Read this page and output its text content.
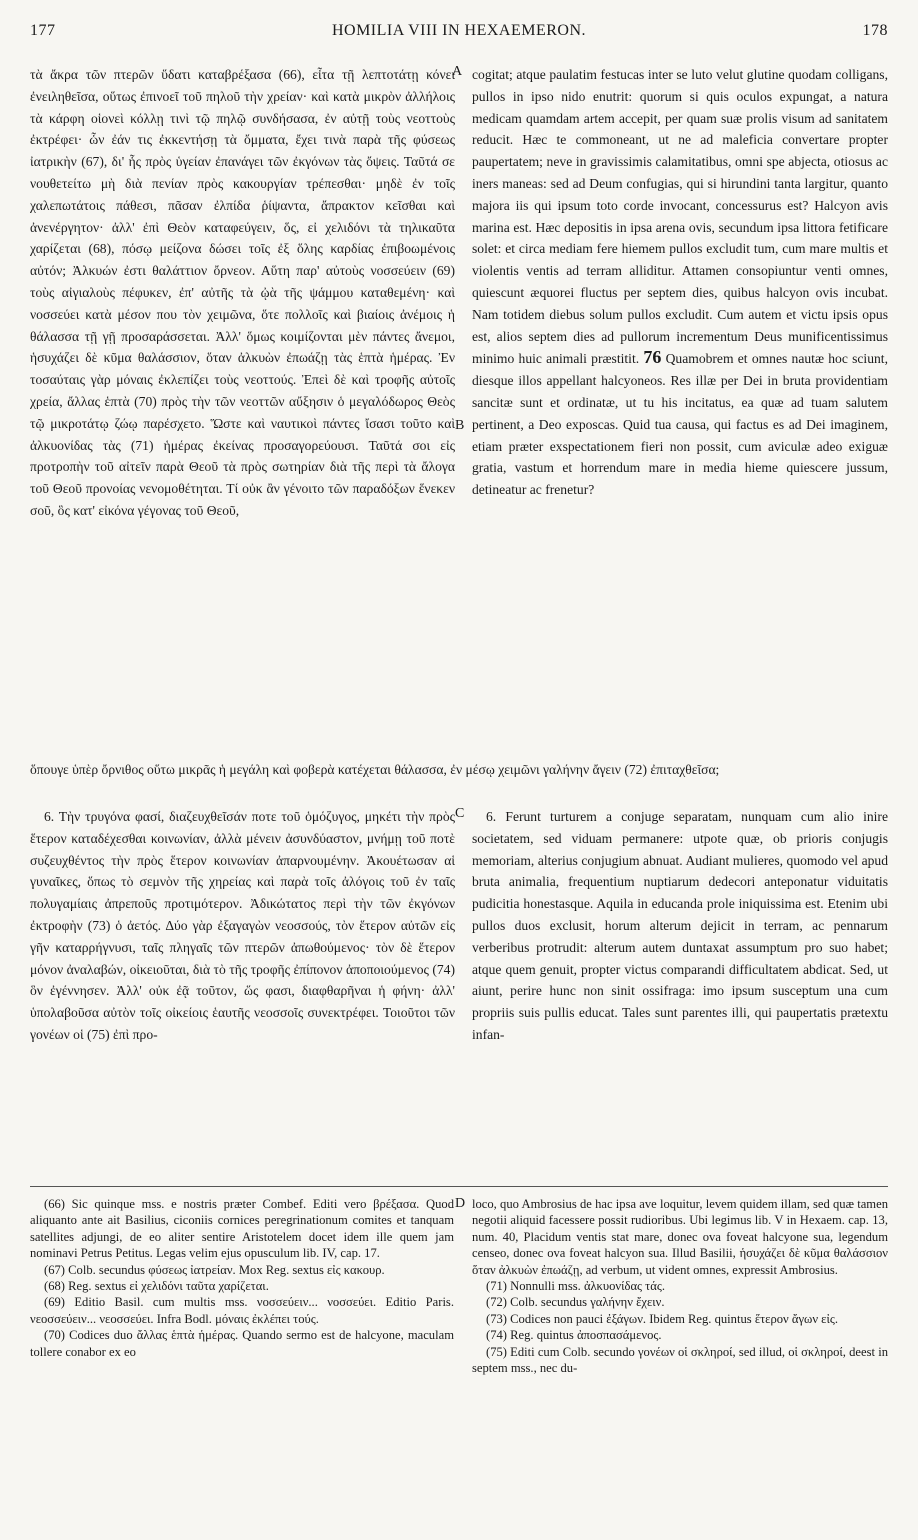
177	HOMILIA VIII IN HEXAEMERON.	178

τὰ ἄκρα τῶν πτερῶν ὕδατι καταβρέξασα (66), εἶτα τῇ λεπτοτάτῃ κόνει ἐνειληθεῖσα, οὕτως ἐπινοεῖ τοῦ πηλοῦ τὴν χρείαν· καὶ κατὰ μικρὸν ἀλλήλοις τὰ κάρφη οἱονεὶ κόλλῃ τινὶ τῷ πηλῷ συνδήσασα, ἐν αὐτῇ τοὺς νεοττοὺς ἐκτρέφει· ὧν ἐάν τις ἐκκεντήσῃ τὰ ὄμματα, ἔχει τινὰ παρὰ τῆς φύσεως ἰατρικὴν (67), δι' ἧς πρὸς ὑγείαν ἐπανάγει τῶν ἐκγόνων τὰς ὄψεις. Ταῦτά σε νουθετείτω μὴ διὰ πενίαν πρὸς κακουργίαν τρέπεσθαι· μηδὲ ἐν τοῖς χαλεπωτάτοις πάθεσι, πᾶσαν ἐλπίδα ῥίψαντα, ἄπρακτον κεῖσθαι καὶ ἀνενέργητον· ἀλλ' ἐπὶ Θεὸν καταφεύγειν, ὅς, εἰ χελιδόνι τὰ τηλικαῦτα χαρίζεται (68), πόσῳ μείζονα δώσει τοῖς ἐξ ὅλης καρδίας ἐπιβοωμένοις αὐτόν; Ἀλκυών ἐστι θαλάττιον ὄρνεον. Αὕτη παρ' αὐτοὺς νοσσεύειν (69) τοὺς αἰγιαλοὺς πέφυκεν, ἐπ' αὐτῆς τὰ ᾠὰ τῆς ψάμμου καταθεμένη· καὶ νοσσεύει κατὰ μέσον που τὸν χειμῶνα, ὅτε πολλοῖς καὶ βιαίοις ἀνέμοις ἡ θάλασσα τῇ γῇ προσαράσσεται. Ἀλλ' ὅμως κοιμίζονται μὲν πάντες ἄνεμοι, ἡσυχάζει δὲ κῦμα θαλάσσιον, ὅταν ἀλκυὼν ἐπωάζῃ τὰς ἑπτὰ ἡμέρας. Ἐν τοσαύταις γὰρ μόναις ἐκλεπίζει τοὺς νεοττούς. Ἐπεὶ δὲ καὶ τροφῆς αὐτοῖς χρεία, ἄλλας ἑπτὰ (70) πρὸς τὴν τῶν νεοττῶν αὔξησιν ὁ μεγαλόδωρος Θεὸς τῷ μικροτάτῳ ζώῳ παρέσχετο. Ὥστε καὶ ναυτικοὶ πάντες ἴσασι τοῦτο καὶ ἀλκυονίδας τὰς (71) ἡμέρας ἐκείνας προσαγορεύουσι. Ταῦτά σοι εἰς προτροπὴν τοῦ αἰτεῖν παρὰ Θεοῦ τὰ πρὸς σωτηρίαν διὰ τῆς περὶ τὰ ἄλογα τοῦ Θεοῦ προνοίας νενομοθέτηται. Τί οὐκ ἂν γένοιτο τῶν παραδόξων ἕνεκεν σοῦ, ὃς κατ' εἰκόνα γέγονας τοῦ Θεοῦ,

cogitat; atque paulatim festucas inter se luto velut glutine quodam colligans, pullos in ipso nido enutrit: quorum si quis oculos expungat, a natura medicam quamdam artem accepit, per quam suæ prolis visum ad sanitatem reducit. Hæc te commoneant, ut ne ad maleficia convertare propter paupertatem; neve in gravissimis calamitatibus, omni spe abjecta, otiosus ac iners maneas: sed ad Deum confugias, qui si hirundini tanta largitur, quanto majora iis qui ipsum toto corde invocant, concessurus est? Halcyon avis marina est. Hæc depositis in ipsa arena ovis, secundum ipsa littora fetificare solet: et circa mediam fere hiemem pullos excludit tum, cum mare multis et violentis ventis ad terram alliditur. Attamen consopiuntur venti omnes, quiescunt æquorei fluctus per septem dies, quibus halcyon ovis incubat. Nam totidem diebus solum pullos excludit. Cum autem et victu ipsis opus est, alios septem dies ad pullorum incrementum Deus munificentissimus minimo huic animali præstitit. 76 Quamobrem et omnes nautæ hoc sciunt, diesque illos appellant halcyoneos. Res illæ per Dei in bruta providentiam sancitæ sunt et ordinatæ, ut tu his incitatus, ea quæ ad tuam salutem pertinent, a Deo exposcas. Quid tua causa, qui factus es ad Dei imaginem, etiam præter exspectationem fieri non possit, cum aviculæ adeo exiguæ gratia, vastum et horrendum mare in media hieme quiescere jussum, detineatur ac frenetur?

ὅπουγε ὑπὲρ ὄρνιθος οὕτω μικρᾶς ἡ μεγάλη καὶ φοβερὰ κατέχεται θάλασσα, ἐν μέσῳ χειμῶνι γαλήνην ἄγειν (72) ἐπιταχθεῖσα;

6. Τὴν τρυγόνα φασί, διαζευχθεῖσάν ποτε τοῦ ὁμόζυγος, μηκέτι τὴν πρὸς ἕτερον καταδέχεσθαι κοινωνίαν, ἀλλὰ μένειν ἀσυνδύαστον, μνήμῃ τοῦ ποτὲ συζευχθέντος τὴν πρὸς ἕτερον κοινωνίαν ἀπαρνουμένην. Ἀκουέτωσαν αἱ γυναῖκες, ὅπως τὸ σεμνὸν τῆς χηρείας καὶ παρὰ τοῖς ἀλόγοις τοῦ ἐν ταῖς πολυγαμίαις ἀπρεποῦς προτιμότερον. Ἀδικώτατος περὶ τὴν τῶν ἐκγόνων ἐκτροφὴν (73) ὁ ἀετός. Δύο γὰρ ἐξαγαγὼν νεοσσούς, τὸν ἕτερον αὐτῶν εἰς γῆν καταρρήγνυσι, ταῖς πληγαῖς τῶν πτερῶν ἀπωθούμενος· τὸν δὲ ἕτερον μόνον ἀναλαβών, οἰκειοῦται, διὰ τὸ τῆς τροφῆς ἐπίπονον ἀποποιούμενος (74) ὃν ἐγέννησεν. Ἀλλ' οὐκ ἐᾷ τοῦτον, ὥς φασι, διαφθαρῆναι ἡ φήνη· ἀλλ' ὑπολαβοῦσα αὐτὸν τοῖς οἰκείοις ἑαυτῆς νεοσσοῖς συνεκτρέφει. Τοιοῦτοι τῶν γονέων οἱ (75) ἐπὶ προ-

6. Ferunt turturem a conjuge separatam, nunquam cum alio inire societatem, sed viduam permanere: utpote quæ, ob prioris conjugis memoriam, alterius conjugium abnuat. Audiant mulieres, quomodo vel apud bruta animalia, frequentium nuptiarum dedecori anteponatur viduitatis pudicitia honestasque. Aquila in educanda prole iniquissima est. Etenim ubi pullos duos exclusit, horum alterum dejicit in terram, ac pennarum verberibus protrudit: alterum autem duntaxat assumptum pro suo habet; atque quem genuit, propter victus comparandi difficultatem abdicat. Sed, ut aiunt, perire hunc non sinit ossifraga: imo ipsum susceptum una cum propriis suis pullis educat. Tales sunt parentes illi, qui paupertatis prætextu infan-

A
B
C
D

(66) Sic quinque mss. e nostris præter Combef. Editi vero βρέξασα. Quod aliquanto ante ait Basilius, ciconiis cornices peregrinationum comites et tanquam satellites adjungi, de eo aliter sentire Aristotelem docet idem ille quem jam nominavi Petrus Petitus. Legas velim ejus opusculum lib. IV, cap. 17.

(67) Colb. secundus φύσεως ἰατρείαν. Mox Reg. sextus εἰς κακουρ.

(68) Reg. sextus εἰ χελιδόνι ταῦτα χαρίζεται.

(69) Editio Basil. cum multis mss. νοσσεύειν... νοσσεύει. Editio Paris. νεοσσεύειν... νεοσσεύει. Infra Bodl. μόναις ἐκλέπει τούς.

(70) Codices duo ἄλλας ἑπτὰ ἡμέρας. Quando sermo est de halcyone, maculam tollere conabor ex eo

loco, quo Ambrosius de hac ipsa ave loquitur, levem quidem illam, sed quæ tamen negotii aliquid facessere possit rudioribus. Ubi legimus lib. V in Hexaem. cap. 13, num. 40, Placidum ventis stat mare, donec ova foveat halcyone sua, legendum censeo, donec ova foveat halcyon sua. Illud Basilii, ἡσυχάζει δὲ κῦμα θαλάσσιον ὅταν ἀλκυὼν ἐπωάζῃ, ad verbum, ut vident omnes, expressit Ambrosius.

(71) Nonnulli mss. ἀλκυονίδας τάς.

(72) Colb. secundus γαλήνην ἔχειν.

(73) Codices non pauci ἐξάγων. Ibidem Reg. quintus ἕτερον ἄγων εἰς.

(74) Reg. quintus ἀποσπασάμενος.

(75) Editi cum Colb. secundo γονέων οἱ σκληροί, sed illud, οἱ σκληροί, deest in septem mss., nec du-
